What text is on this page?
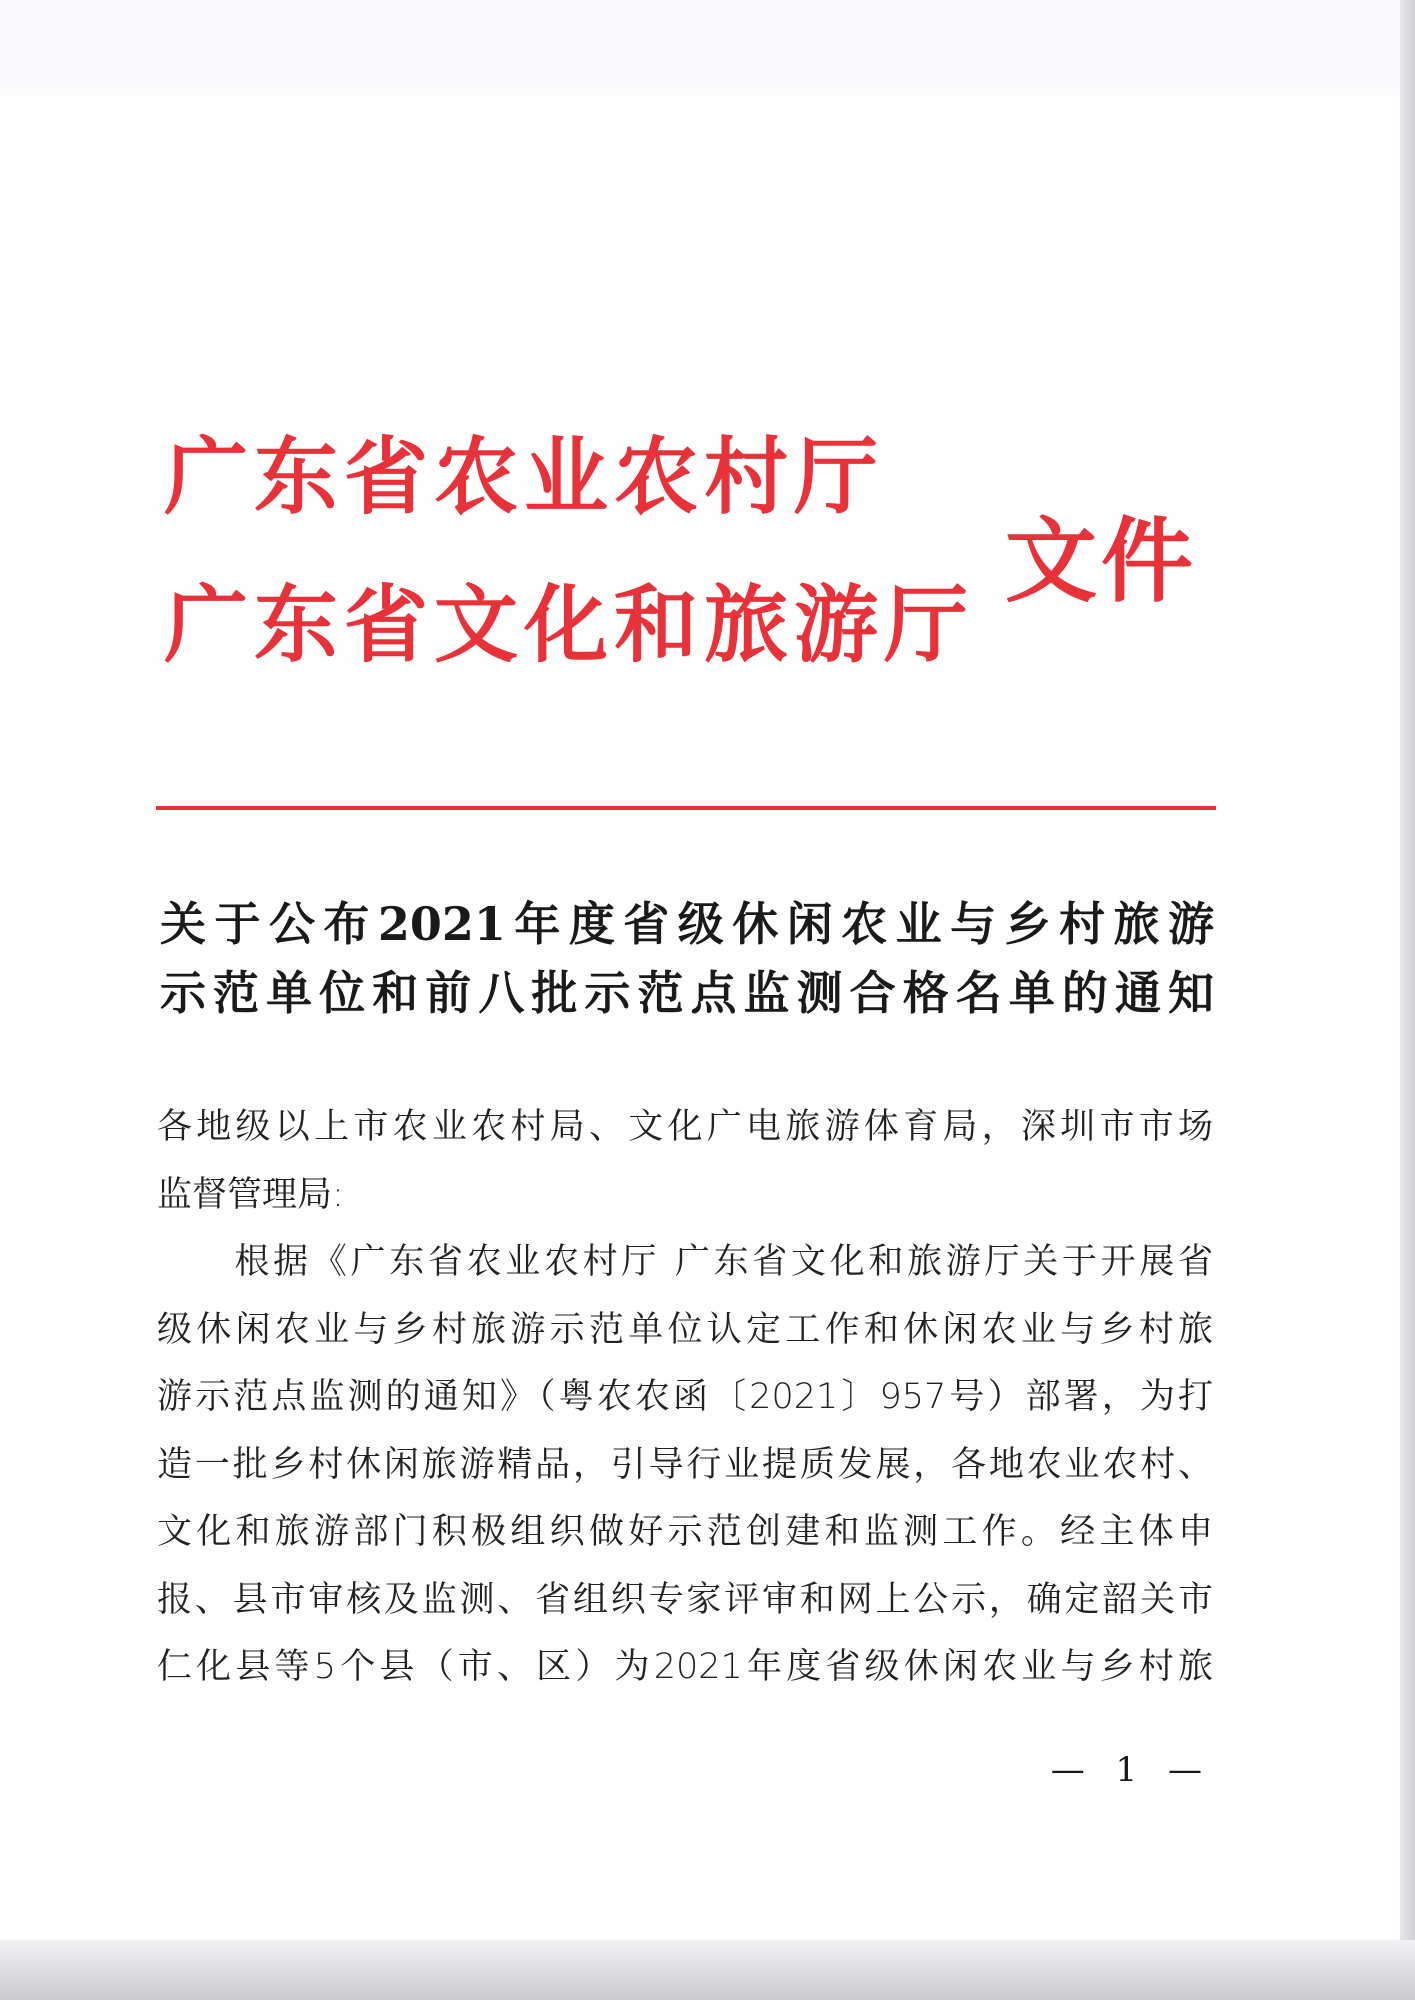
广东省农业农村厅
广东省文化和旅游厅
文件
关于公布2021年度省级休闲农业与乡村旅游
示范单位和前八批示范点监测合格名单的通知
各地级以上市农业农村局、文化广电旅游体育局，深圳市市场
监督管理局:
　　根据《广东省农业农村厅 广东省文化和旅游厅关于开展省
级休闲农业与乡村旅游示范单位认定工作和休闲农业与乡村旅
游示范点监测的通知》（粤农农函〔2021〕957号）部署，为打
造一批乡村休闲旅游精品，引导行业提质发展，各地农业农村、
文化和旅游部门积极组织做好示范创建和监测工作。经主体申
报、县市审核及监测、省组织专家评审和网上公示，确定韶关市
仁化县等5个县（市、区）为2021年度省级休闲农业与乡村旅
— 1 —
